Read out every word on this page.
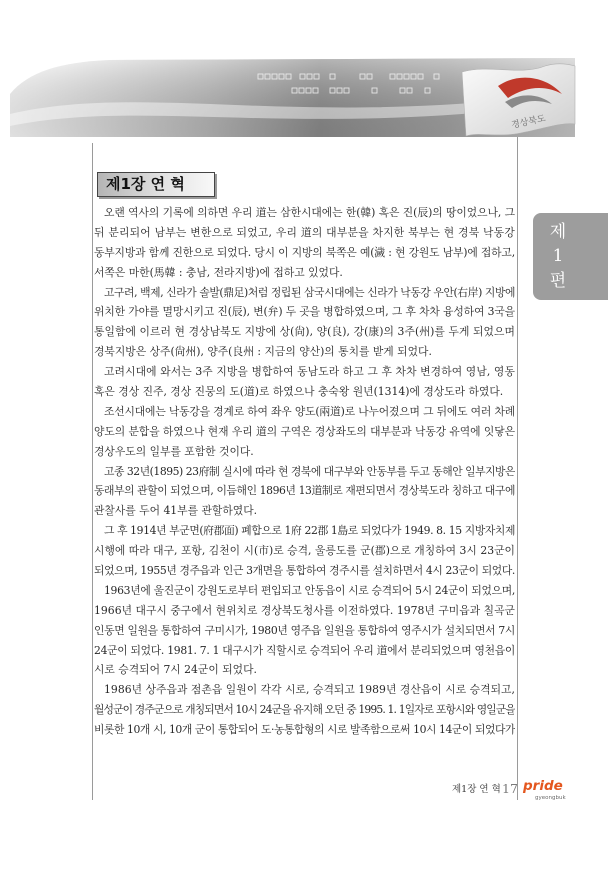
경상북도
제1장 연 혁
제
1
편
오랜 역사의 기록에 의하면 우리 道는 삼한시대에는 한(韓) 혹은 진(辰)의 땅이었으나, 그
뒤 분리되어 남부는 변한으로 되었고, 우리 道의 대부분을 차지한 북부는 현 경북 낙동강
동부지방과 함께 진한으로 되었다. 당시 이 지방의 북쪽은 예(濊 : 현 강원도 남부)에 접하고,
서쪽은 마한(馬韓 : 충남, 전라지방)에 접하고 있었다.
고구려, 백제, 신라가 솔발(鼎足)처럼 정립된 삼국시대에는 신라가 낙동강 우안(右岸) 지방에
위치한 가야를 멸망시키고 진(辰), 변(弁) 두 곳을 병합하였으며, 그 후 차차 융성하여 3국을
통일함에 이르러 현 경상남북도 지방에 상(尙), 양(良), 강(康)의 3주(州)를 두게 되었으며
경북지방은 상주(尙州), 양주(良州 : 지금의 양산)의 통치를 받게 되었다.
고려시대에 와서는 3주 지방을 병합하여 동남도라 하고 그 후 차차 변경하여 영남, 영동
혹은 경상 진주, 경상 진뭉의 도(道)로 하였으나 충숙왕 원년(1314)에 경상도라 하였다.
조선시대에는 낙동강을 경계로 하여 좌우 양도(兩道)로 나누어졌으며 그 뒤에도 여러 차례
양도의 분합을 하였으나 현재 우리 道의 구역은 경상좌도의 대부분과 낙동강 유역에 잇닿은
경상우도의 일부를 포함한 것이다.
고종 32년(1895) 23府制 실시에 따라 현 경북에 대구부와 안동부를 두고 동해안 일부지방은
동래부의 관할이 되었으며, 이듬해인 1896년 13道制로 재편되면서 경상북도라 칭하고 대구에
관찰사를 두어 41부를 관할하였다.
그 후 1914년 부군면(府郡面) 폐합으로 1府 22郡 1島로 되었다가 1949. 8. 15 지방자치제
시행에 따라 대구, 포항, 김천이 시(市)로 승격, 울릉도를 군(郡)으로 개칭하여 3시 23군이
되었으며, 1955년 경주읍과 인근 3개면을 통합하여 경주시를 설치하면서 4시 23군이 되었다.
1963년에 울진군이 강원도로부터 편입되고 안동읍이 시로 승격되어 5시 24군이 되었으며,
1966년 대구시 중구에서 현위치로 경상북도청사를 이전하였다. 1978년 구미읍과 칠곡군
인동면 일원을 통합하여 구미시가, 1980년 영주읍 일원을 통합하여 영주시가 설치되면서 7시
24군이 되었다. 1981. 7. 1 대구시가 직할시로 승격되어 우리 道에서 분리되었으며 영천읍이
시로 승격되어 7시 24군이 되었다.
1986년 상주읍과 점촌읍 일원이 각각 시로, 승격되고 1989년 경산읍이 시로 승격되고,
월성군이 경주군으로 개칭되면서 10시 24군을 유지해 오던 중 1995. 1. 1일자로 포항시와 영일군을
비롯한 10개 시, 10개 군이 통합되어 도·농통합형의 시로 발족함으로써 10시 14군이 되었다가
제1장 연 혁 17 pride
gyeongbuk
